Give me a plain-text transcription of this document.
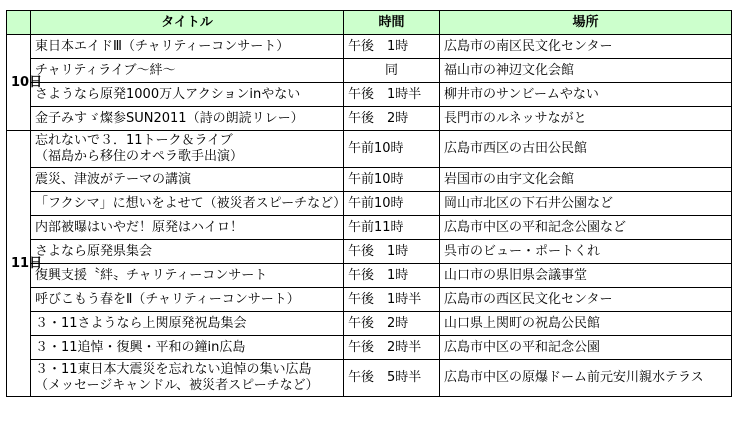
	タイトル	時間	場所
10日	東日本エイドⅢ（チャリティーコンサート）	午後　1時	広島市の南区民文化センター
	チャリティライブ～絆～	同	福山市の神辺文化会館
	さようなら原発1000万人アクションinやない	午後　1時半	柳井市のサンビームやない
	金子みすゞ燦参SUN2011（詩の朗読リレー）	午後　2時	長門市のルネッサながと
11日	忘れないで３．11トーク＆ライブ
（福島から移住のオペラ歌手出演）	午前10時	広島市西区の古田公民館
	震災、津波がテーマの講演	午前10時	岩国市の由宇文化会館
	「フクシマ」に想いをよせて（被災者スピーチなど）	午前10時	岡山市北区の下石井公園など
	内部被曝はいやだ！原発はハイロ！	午前11時	広島市中区の平和記念公園など
	さよなら原発県集会	午後　1時	呉市のビュー・ポートくれ
	復興支援〝絆〟チャリティーコンサート	午後　1時	山口市の県旧県会議事堂
	呼びこもう春をⅡ（チャリティーコンサート）	午後　1時半	広島市の西区民文化センター
	３・11さようなら上関原発祝島集会	午後　2時	山口県上関町の祝島公民館
	３・11追悼・復興・平和の鐘in広島	午後　2時半	広島市中区の平和記念公園

	３・11東日本大震災を忘れない追悼の集い広島
（メッセージキャンドル、被災者スピーチなど）	午後　5時半	広島市中区の原爆ドーム前元安川親水テラス
